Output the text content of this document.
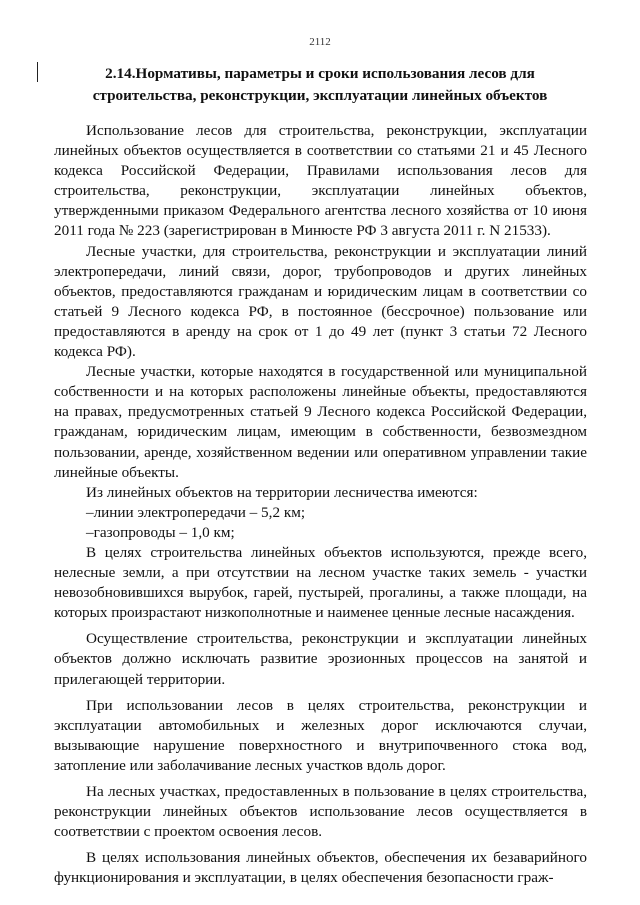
2112
2.14.Нормативы, параметры и сроки использования лесов для
строительства, реконструкции, эксплуатации линейных объектов

Использование лесов для строительства, реконструкции, эксплуатации линейных объектов осуществляется в соответствии со статьями 21 и 45 Лесного кодекса Российской Федерации, Правилами использования лесов для строительства, реконструкции, эксплуатации линейных объектов, утвержденными приказом Федерального агентства лесного хозяйства от 10 июня 2011 года № 223 (зарегистрирован в Минюсте РФ 3 августа 2011 г. N 21533).

Лесные участки, для строительства, реконструкции и эксплуатации линий электропередачи, линий связи, дорог, трубопроводов и других линейных объектов, предоставляются гражданам и юридическим лицам в соответствии со статьей 9 Лесного кодекса РФ, в постоянное (бессрочное) пользование или предоставляются в аренду на срок от 1 до 49 лет (пункт 3 статьи 72 Лесного кодекса РФ).

Лесные участки, которые находятся в государственной или муниципальной собственности и на которых расположены линейные объекты, предоставляются на правах, предусмотренных статьей 9 Лесного кодекса Российской Федерации, гражданам, юридическим лицам, имеющим в собственности, безвозмездном пользовании, аренде, хозяйственном ведении или оперативном управлении такие линейные объекты.

Из линейных объектов на территории лесничества имеются:

–линии электропередачи – 5,2 км;

–газопроводы – 1,0 км;

В целях строительства линейных объектов используются, прежде всего, нелесные земли, а при отсутствии на лесном участке таких земель - участки невозобновившихся вырубок, гарей, пустырей, прогалины, а также площади, на которых произрастают низкополнотные и наименее ценные лесные насаждения.

Осуществление строительства, реконструкции и эксплуатации линейных объектов должно исключать развитие эрозионных процессов на занятой и прилегающей территории.

При использовании лесов в целях строительства, реконструкции и эксплуатации автомобильных и железных дорог исключаются случаи, вызывающие нарушение поверхностного и внутрипочвенного стока вод, затопление или заболачивание лесных участков вдоль дорог.

На лесных участках, предоставленных в пользование в целях строительства, реконструкции линейных объектов использование лесов осуществляется в соответствии с проектом освоения лесов.

В целях использования линейных объектов, обеспечения их безаварийного функционирования и эксплуатации, в целях обеспечения безопасности граж-
